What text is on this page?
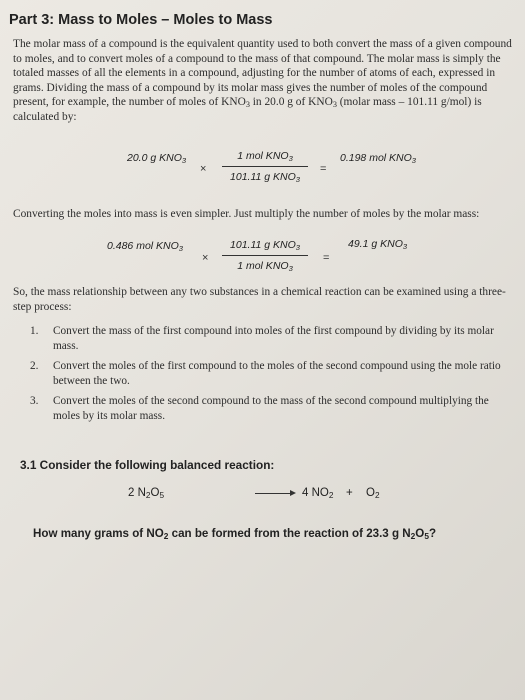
Part 3: Mass to Moles – Moles to Mass

The molar mass of a compound is the equivalent quantity used to both convert the mass of a given compound to moles, and to convert moles of a compound to the mass of that compound. The molar mass is simply the totaled masses of all the elements in a compound, adjusting for the number of atoms of each, expressed in grams. Dividing the mass of a compound by its molar mass gives the number of moles of the compound present, for example, the number of moles of $KNO_3$ in 20.0 g of $KNO_3$ (molar mass – 101.11 g/mol) is calculated by:

20.0 g $KNO_3$
×
1 mol $KNO_3$
101.11 g $KNO_3$
=
0.198 mol $KNO_3$

Converting the moles into mass is even simpler. Just multiply the number of moles by the molar mass:

0.486 mol $KNO_3$
×
101.11 g $KNO_3$
1 mol $KNO_3$
=
49.1 g $KNO_3$

So, the mass relationship between any two substances in a chemical reaction can be examined using a three-step process:

1. Convert the mass of the first compound into moles of the first compound by dividing by its molar mass.
2. Convert the moles of the first compound to the moles of the second compound using the mole ratio between the two.
3. Convert the moles of the second compound to the mass of the second compound multiplying the moles by its molar mass.
3.1 Consider the following balanced reaction:
2 $N_2O_5$	→ 4 $NO_2 + O_2$
How many grams of $NO_2$ can be formed from the reaction of 23.3 g $N_2O_5$?
